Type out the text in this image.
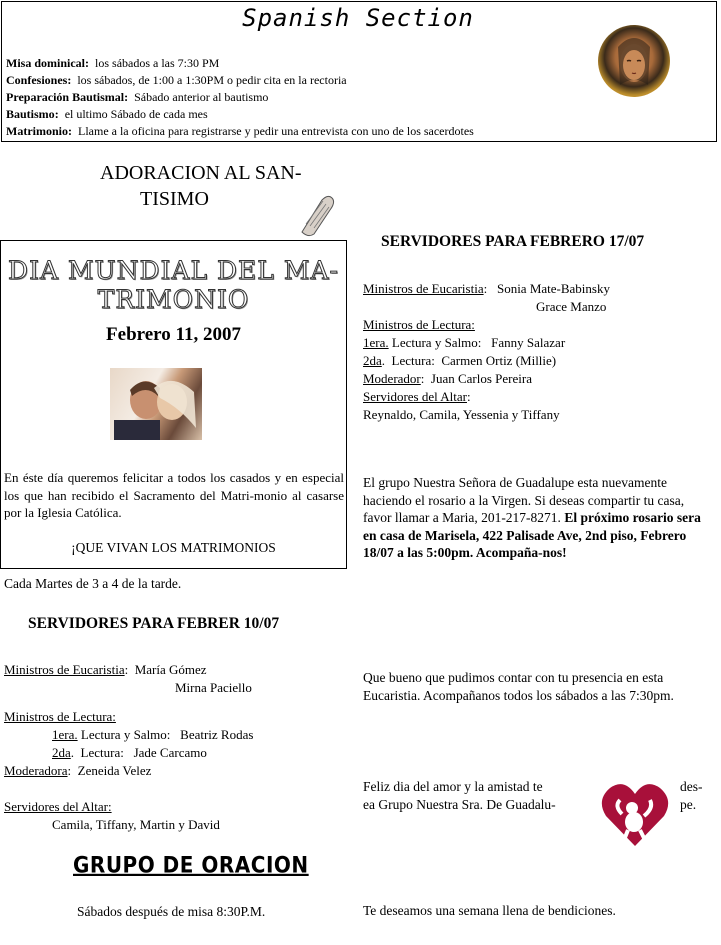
Spanish Section
Misa dominical: los sábados a las 7:30 PM
Confesiones: los sábados, de 1:00 a 1:30PM o pedir cita en la rectoria
Preparación Bautismal: Sábado anterior al bautismo
Bautismo: el ultimo Sábado de cada mes
Matrimonio: Llame a la oficina para registrarse y pedir una entrevista con uno de los sacerdotes
ADORACION AL SAN-
TISIMO
DIA MUNDIAL DEL MA-
TRIMONIO
Febrero 11, 2007
En éste día queremos felicitar a todos los casados y en especial los que han recibido el Sacramento del Matri-monio al casarse por la Iglesia Católica.
¡QUE VIVAN LOS MATRIMONIOS
Cada Martes de 3 a 4 de la tarde.
SERVIDORES PARA FEBRER 10/07
Ministros de Eucaristia:  María Gómez
Mirna Paciello
Ministros de Lectura:
1era. Lectura y Salmo:   Beatriz Rodas
2da.  Lectura:   Jade Carcamo
Moderadora:  Zeneida Velez
Servidores del Altar:
Camila, Tiffany, Martin y David
GRUPO DE ORACION
Sábados después de misa 8:30P.M.
SERVIDORES PARA FEBRERO 17/07
Ministros de Eucaristia:   Sonia Mate-Babinsky
Grace Manzo
Ministros de Lectura:
1era. Lectura y Salmo:   Fanny Salazar
2da.  Lectura:  Carmen Ortiz (Millie)
Moderador:  Juan Carlos Pereira
Servidores del Altar:
Reynaldo, Camila, Yessenia y Tiffany
El grupo Nuestra Señora de Guadalupe esta nuevamente haciendo el rosario a la Virgen. Si deseas compartir tu casa, favor llamar a Maria, 201-217-8271. El próximo rosario sera en casa de Marisela, 422 Palisade Ave, 2nd piso, Febrero 18/07 a las 5:00pm. Acompaña-nos!
Que bueno que pudimos contar con tu presencia en esta Eucaristia. Acompañanos todos los sábados a las 7:30pm.
Feliz dia del amor y la amistad te
ea Grupo Nuestra Sra. De Guadalu-
des-
pe.
Te deseamos una semana llena de bendiciones.
